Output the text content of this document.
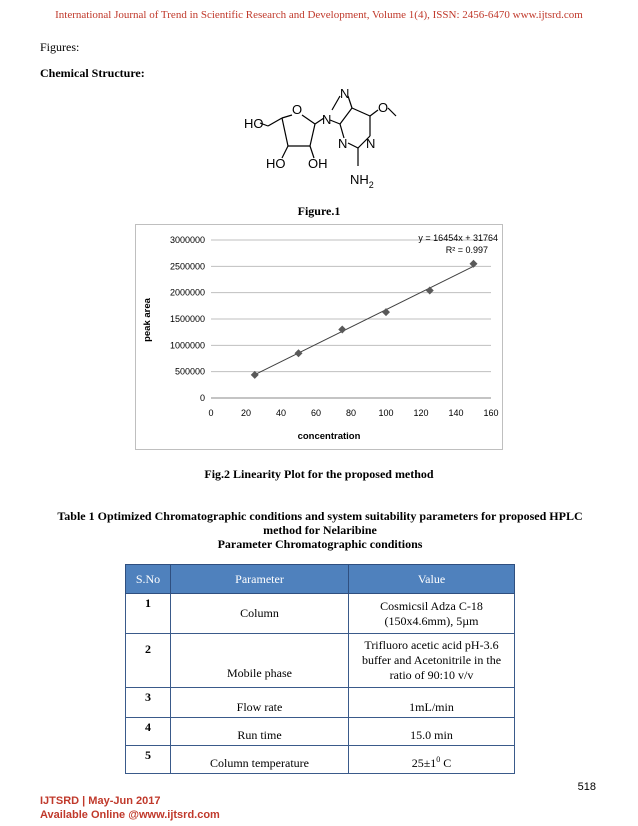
International Journal of Trend in Scientific Research and Development, Volume 1(4), ISSN: 2456-6470 www.ijtsrd.com
Figures:
Chemical Structure:
HO
O
HO OH
N
N
N
N
O
$NH_2$
Figure.1
0	20	40	60	80 100 120 140 160
0
500000
1000000
1500000
2000000
2500000
3000000	y = 16454x + 31764
R² = 0.997
concentration
peak area
Fig.2 Linearity Plot for the proposed method
Table 1 Optimized Chromatographic conditions and system suitability parameters for proposed HPLC
method for Nelaribine
Parameter Chromatographic conditions
S.No	Parameter	Value
1	Column	Cosmicsil Adza C-18
(150x4.6mm), 5µm

2	Mobile phase	Trifluoro acetic acid pH-3.6
buffer and Acetonitrile in the
ratio of 90:10 v/v

3	Flow rate	1mL/min
4	Run time	15.0 min
5	Column temperature	$25\pm 1^0$ C
518
IJTSRD | May-Jun 2017
Available Online @www.ijtsrd.com
